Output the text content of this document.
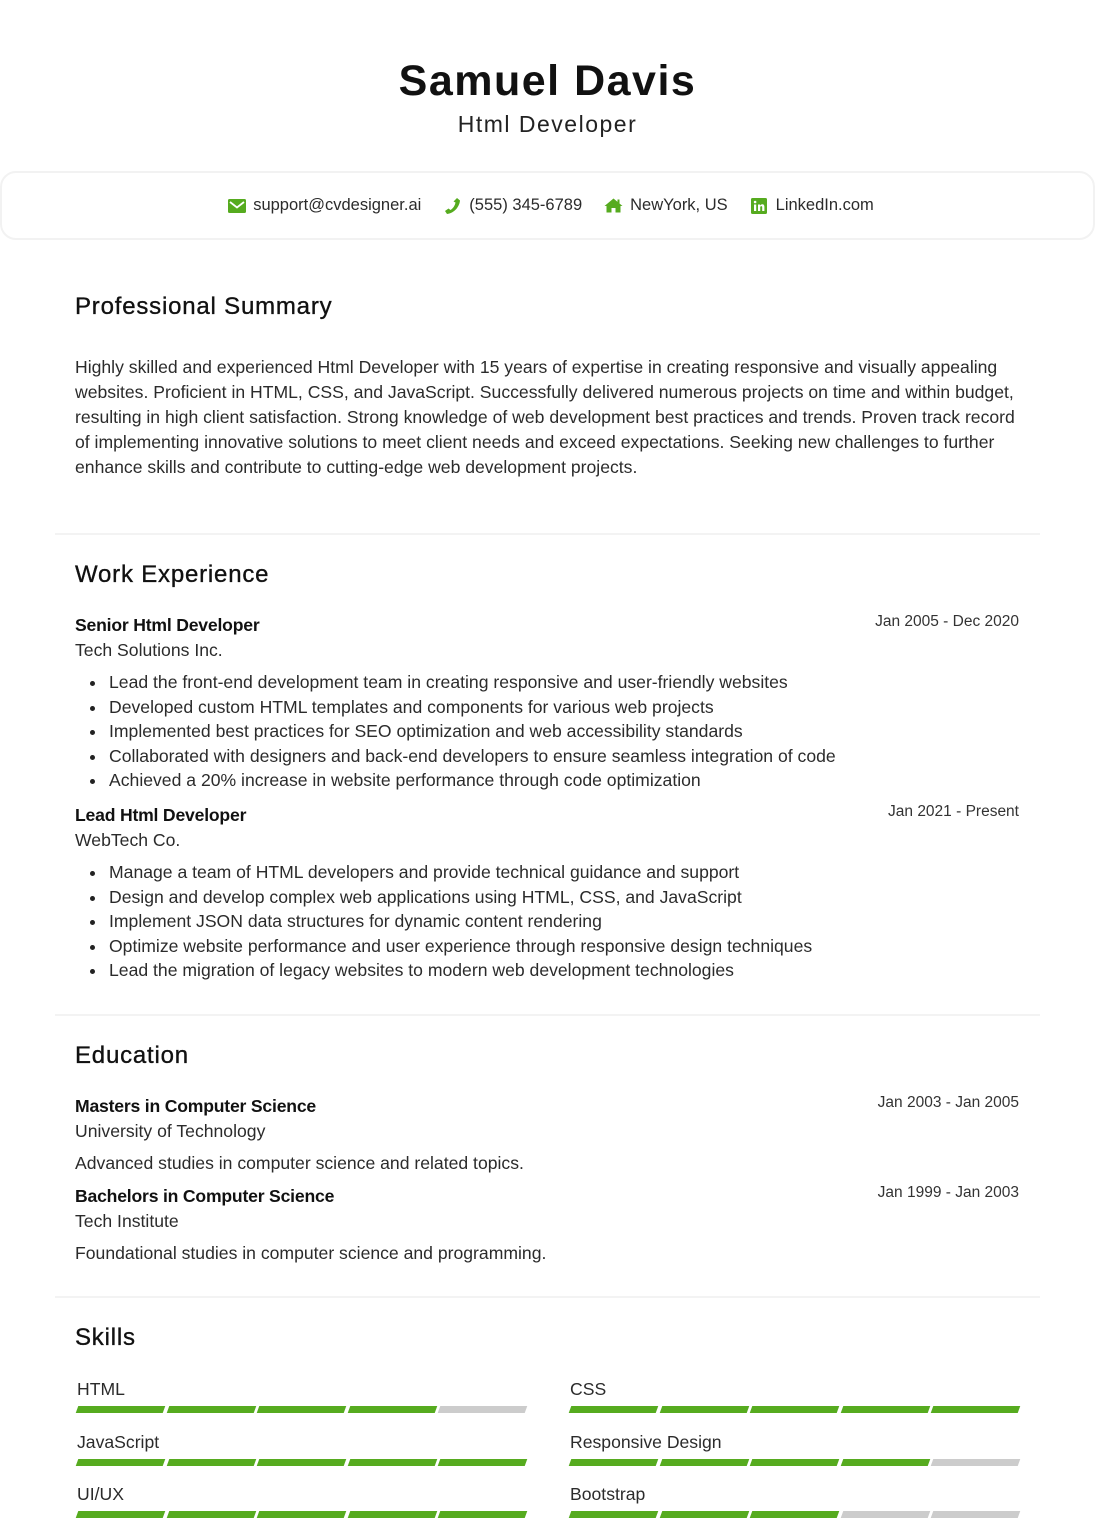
Samuel Davis
Html Developer
support@cvdesigner.ai	(555) 345-6789	NewYork, US	LinkedIn.com
Professional Summary

Highly skilled and experienced Html Developer with 15 years of expertise in creating responsive and visually appealing websites. Proficient in HTML, CSS, and JavaScript. Successfully delivered numerous projects on time and within budget, resulting in high client satisfaction. Strong knowledge of web development best practices and trends. Proven track record of implementing innovative solutions to meet client needs and exceed expectations. Seeking new challenges to further enhance skills and contribute to cutting-edge web development projects.

Work Experience
Senior Html Developer	Jan 2005 - Dec 2020
Tech Solutions Inc.
Lead the front-end development team in creating responsive and user-friendly websites
Developed custom HTML templates and components for various web projects
Implemented best practices for SEO optimization and web accessibility standards
Collaborated with designers and back-end developers to ensure seamless integration of code
Achieved a 20% increase in website performance through code optimization
Lead Html Developer	Jan 2021 - Present
WebTech Co.
Manage a team of HTML developers and provide technical guidance and support
Design and develop complex web applications using HTML, CSS, and JavaScript
Implement JSON data structures for dynamic content rendering
Optimize website performance and user experience through responsive design techniques
Lead the migration of legacy websites to modern web development technologies
Education
Masters in Computer Science	Jan 2003 - Jan 2005
University of Technology
Advanced studies in computer science and related topics.
Bachelors in Computer Science	Jan 1999 - Jan 2003
Tech Institute
Foundational studies in computer science and programming.
Skills
HTML	CSS
JavaScript	Responsive Design
UI/UX	Bootstrap
